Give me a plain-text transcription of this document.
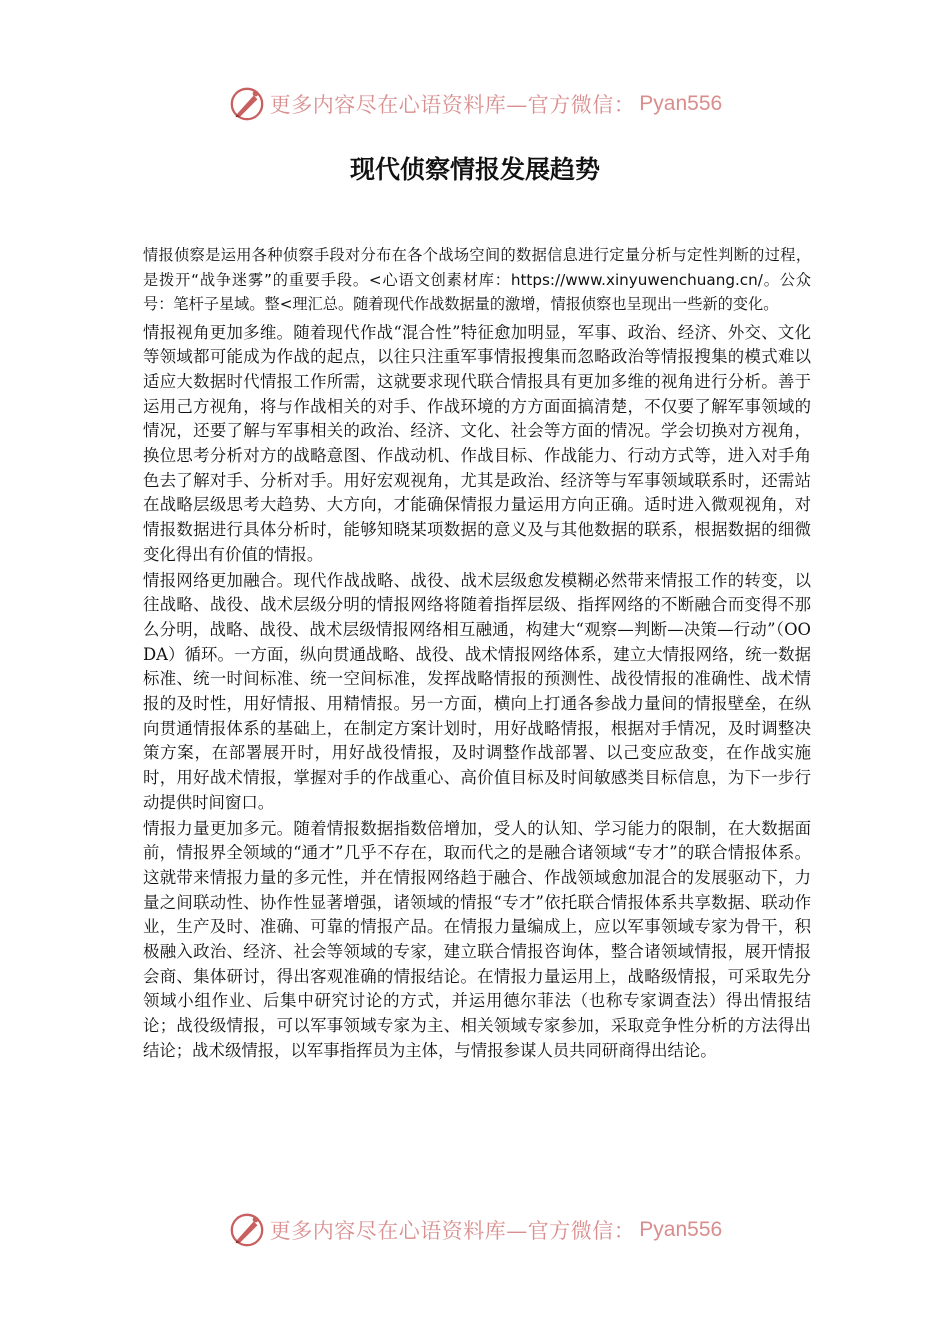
更多内容尽在心语资料库—官方微信： Pyan556
现代侦察情报发展趋势

情报侦察是运用各种侦察手段对分布在各个战场空间的数据信息进行定量分析与定性判断的过程，是拨开“战争迷雾”的重要手段。<心语文创素材库：https://www.xinyuwenchuang.cn/。公众号：笔杆子星域。整<理汇总。随着现代作战数据量的激增，情报侦察也呈现出一些新的变化。

情报视角更加多维。随着现代作战“混合性”特征愈加明显，军事、政治、经济、外交、文化等领域都可能成为作战的起点，以往只注重军事情报搜集而忽略政治等情报搜集的模式难以适应大数据时代情报工作所需，这就要求现代联合情报具有更加多维的视角进行分析。善于运用己方视角，将与作战相关的对手、作战环境的方方面面搞清楚，不仅要了解军事领域的情况，还要了解与军事相关的政治、经济、文化、社会等方面的情况。学会切换对方视角，换位思考分析对方的战略意图、作战动机、作战目标、作战能力、行动方式等，进入对手角色去了解对手、分析对手。用好宏观视角，尤其是政治、经济等与军事领域联系时，还需站在战略层级思考大趋势、大方向，才能确保情报力量运用方向正确。适时进入微观视角，对情报数据进行具体分析时，能够知晓某项数据的意义及与其他数据的联系，根据数据的细微变化得出有价值的情报。

情报网络更加融合。现代作战战略、战役、战术层级愈发模糊必然带来情报工作的转变，以往战略、战役、战术层级分明的情报网络将随着指挥层级、指挥网络的不断融合而变得不那么分明，战略、战役、战术层级情报网络相互融通，构建大“观察—判断—决策—行动”（OODA）循环。一方面，纵向贯通战略、战役、战术情报网络体系，建立大情报网络，统一数据标准、统一时间标准、统一空间标准，发挥战略情报的预测性、战役情报的准确性、战术情报的及时性，用好情报、用精情报。另一方面，横向上打通各参战力量间的情报壁垒，在纵向贯通情报体系的基础上，在制定方案计划时，用好战略情报，根据对手情况，及时调整决策方案，在部署展开时，用好战役情报，及时调整作战部署、以己变应敌变，在作战实施时，用好战术情报，掌握对手的作战重心、高价值目标及时间敏感类目标信息，为下一步行动提供时间窗口。

情报力量更加多元。随着情报数据指数倍增加，受人的认知、学习能力的限制，在大数据面前，情报界全领域的“通才”几乎不存在，取而代之的是融合诸领域“专才”的联合情报体系。这就带来情报力量的多元性，并在情报网络趋于融合、作战领域愈加混合的发展驱动下，力量之间联动性、协作性显著增强，诸领域的情报“专才”依托联合情报体系共享数据、联动作业，生产及时、准确、可靠的情报产品。在情报力量编成上，应以军事领域专家为骨干，积极融入政治、经济、社会等领域的专家，建立联合情报咨询体，整合诸领域情报，展开情报会商、集体研讨，得出客观准确的情报结论。在情报力量运用上，战略级情报，可采取先分领域小组作业、后集中研究讨论的方式，并运用德尔菲法（也称专家调查法）得出情报结论；战役级情报，可以军事领域专家为主、相关领域专家参加，采取竞争性分析的方法得出结论；战术级情报，以军事指挥员为主体，与情报参谋人员共同研商得出结论。

更多内容尽在心语资料库—官方微信： Pyan556
